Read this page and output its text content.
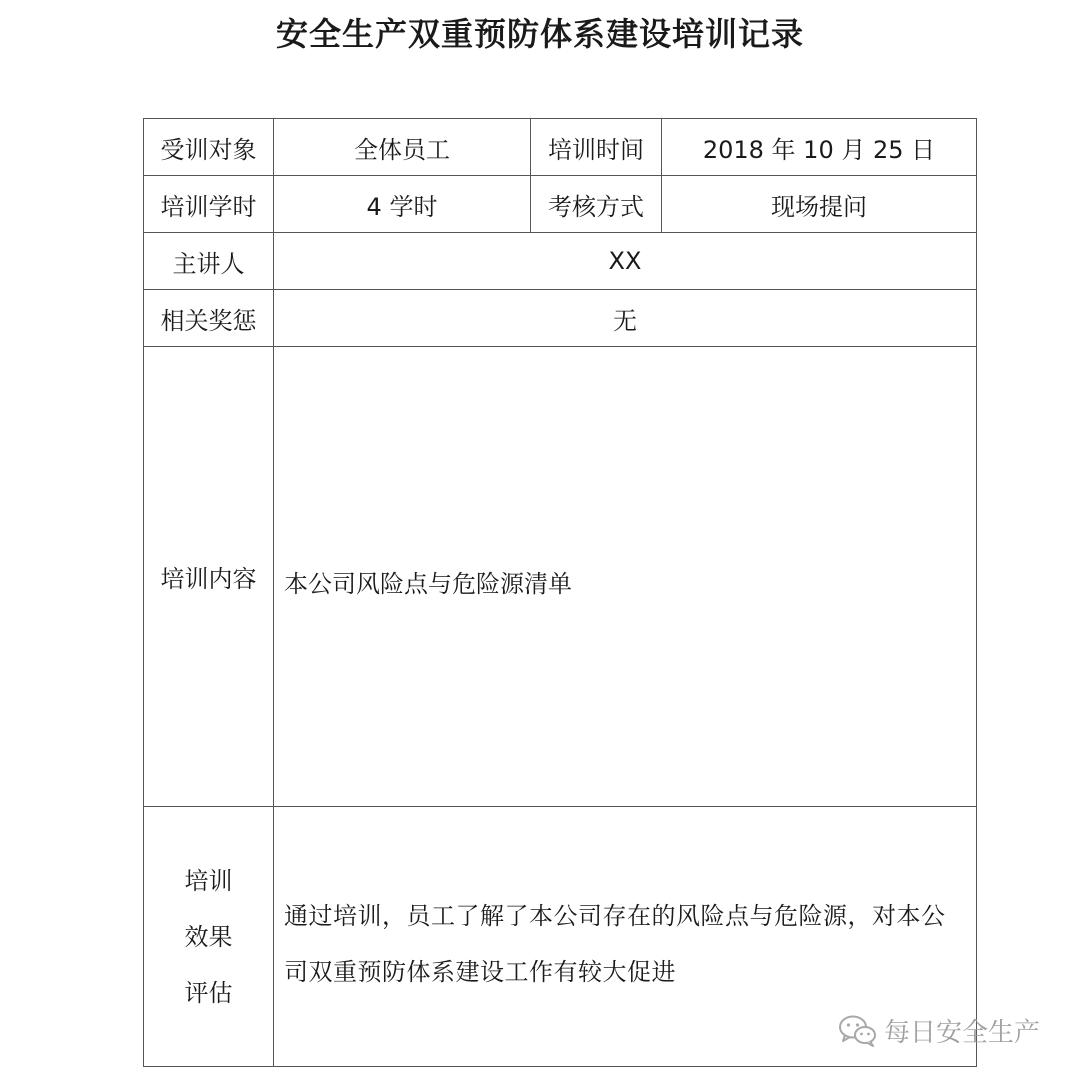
安全生产双重预防体系建设培训记录
受训对象	全体员工	培训时间	2018 年 10 月 25 日
培训学时	4 学时	考核方式	现场提问
主讲人	XX		
相关奖惩	无		
培训内容	本公司风险点与危险源清单		

培训
效果
评估	通过培训，员工了解了本公司存在的风险点与危险源，对本公司双重预防体系建设工作有较大促进		
每日安全生产
